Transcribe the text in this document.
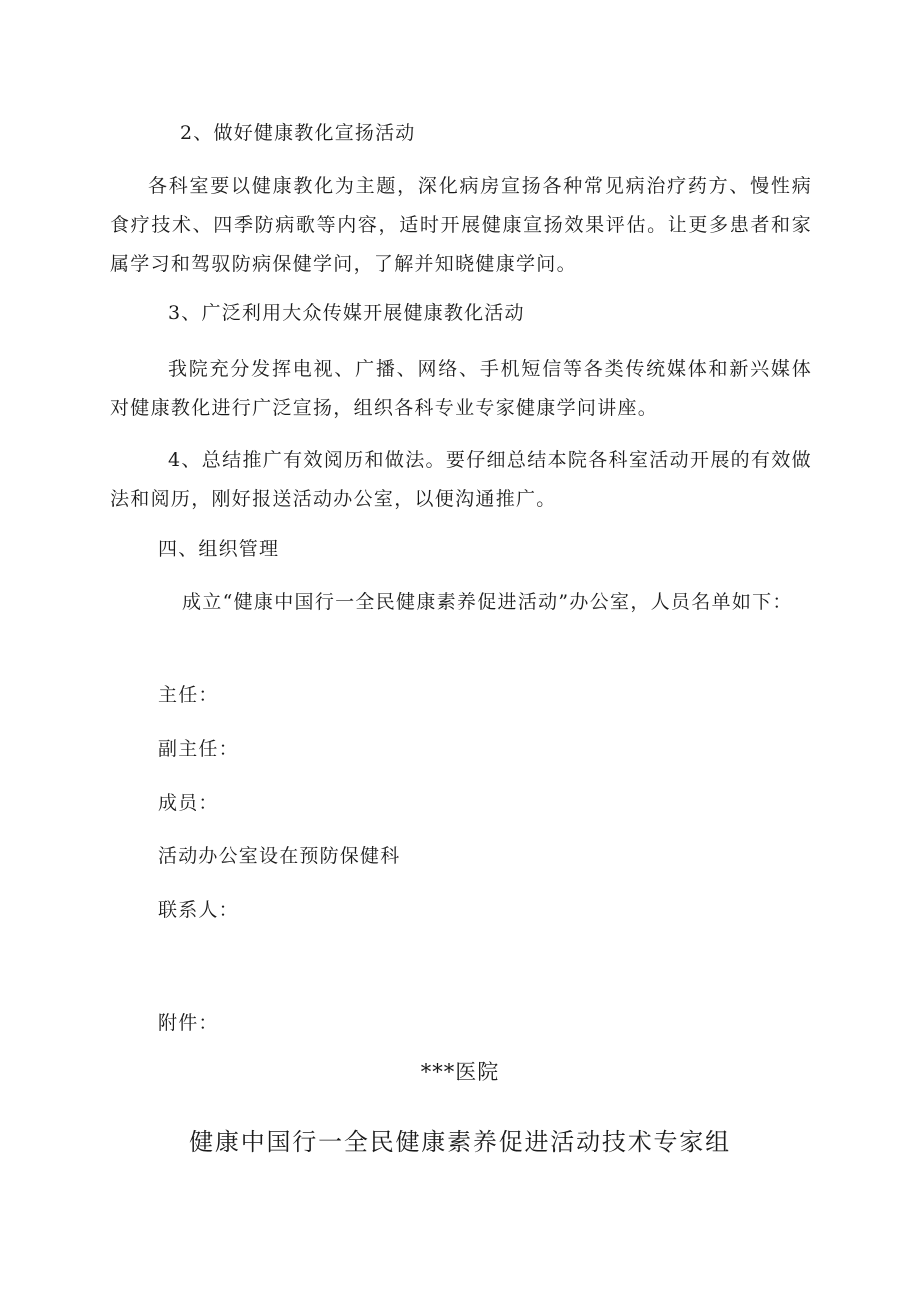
2、做好健康教化宣扬活动

各科室要以健康教化为主题，深化病房宣扬各种常见病治疗药方、慢性病食疗技术、四季防病歌等内容，适时开展健康宣扬效果评估。让更多患者和家属学习和驾驭防病保健学问，了解并知晓健康学问。

3、广泛利用大众传媒开展健康教化活动

我院充分发挥电视、广播、网络、手机短信等各类传统媒体和新兴媒体对健康教化进行广泛宣扬，组织各科专业专家健康学问讲座。

4、总结推广有效阅历和做法。要仔细总结本院各科室活动开展的有效做法和阅历，刚好报送活动办公室，以便沟通推广。

四、组织管理

成立“健康中国行一全民健康素养促进活动”办公室，人员名单如下：

主任：

副主任：

成员：

活动办公室设在预防保健科

联系人：

附件：

***医院

健康中国行一全民健康素养促进活动技术专家组
